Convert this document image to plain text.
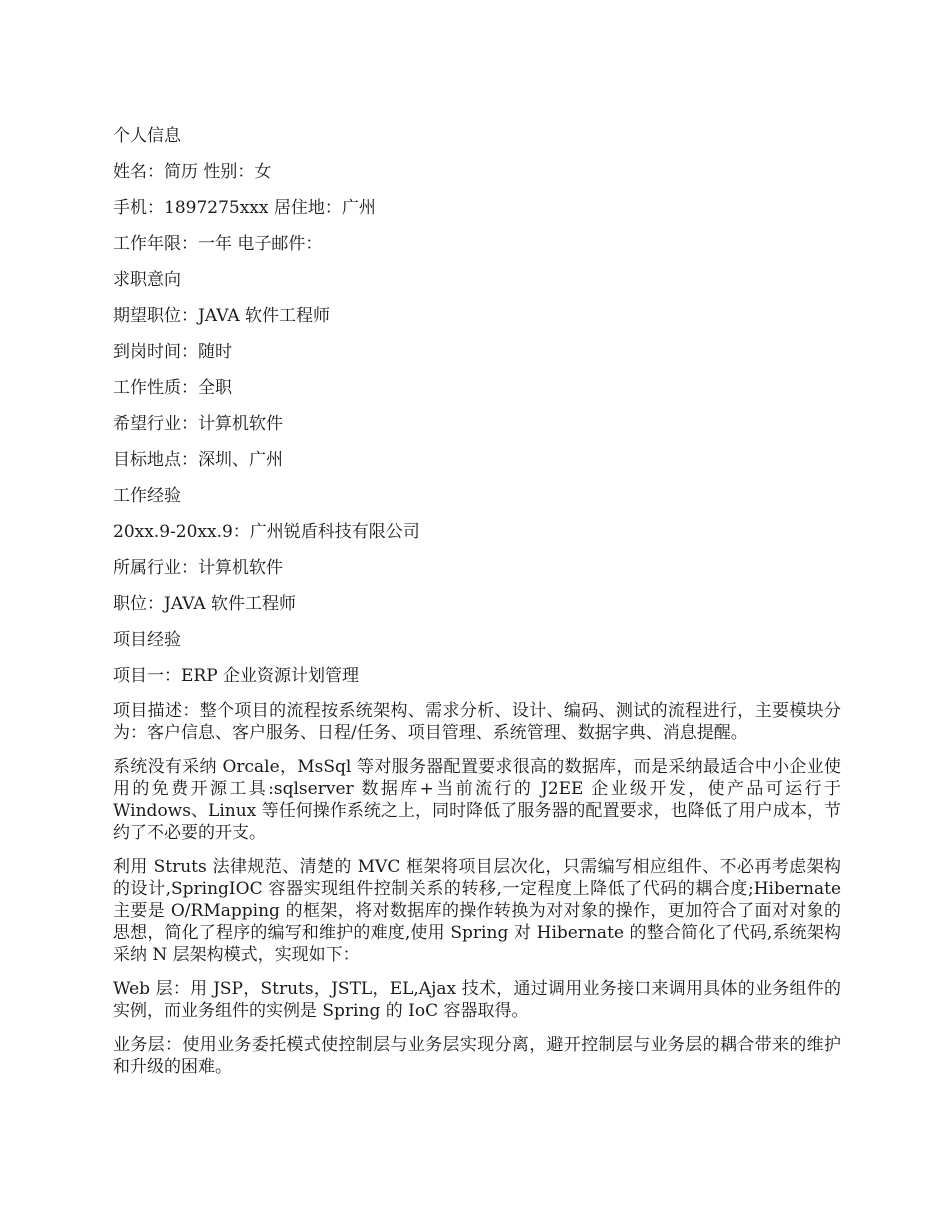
个人信息
姓名：简历 性别：女
手机：1897275xxx 居住地：广州
工作年限：一年 电子邮件：
求职意向
期望职位：JAVA 软件工程师
到岗时间：随时
工作性质：全职
希望行业：计算机软件
目标地点：深圳、广州
工作经验
20xx.9-20xx.9：广州锐盾科技有限公司
所属行业：计算机软件
职位：JAVA 软件工程师
项目经验
项目一：ERP 企业资源计划管理
项目描述：整个项目的流程按系统架构、需求分析、设计、编码、测试的流程进行，主要模块分为：客户信息、客户服务、日程/任务、项目管理、系统管理、数据字典、消息提醒。
系统没有采纳 Orcale，MsSql 等对服务器配置要求很高的数据库，而是采纳最适合中小企业使用的免费开源工具:sqlserver 数据库+当前流行的 J2EE 企业级开发，使产品可运行于 Windows、Linux 等任何操作系统之上，同时降低了服务器的配置要求，也降低了用户成本，节约了不必要的开支。
利用 Struts 法律规范、清楚的 MVC 框架将项目层次化，只需编写相应组件、不必再考虑架构的设计,SpringIOC 容器实现组件控制关系的转移,一定程度上降低了代码的耦合度;Hibernate 主要是 O/RMapping 的框架，将对数据库的操作转换为对对象的操作，更加符合了面对对象的思想，简化了程序的编写和维护的难度,使用 Spring 对 Hibernate 的整合简化了代码,系统架构采纳 N 层架构模式，实现如下：
Web 层：用 JSP，Struts，JSTL，EL,Ajax 技术，通过调用业务接口来调用具体的业务组件的实例，而业务组件的实例是 Spring 的 IoC 容器取得。
业务层：使用业务委托模式使控制层与业务层实现分离，避开控制层与业务层的耦合带来的维护和升级的困难。
